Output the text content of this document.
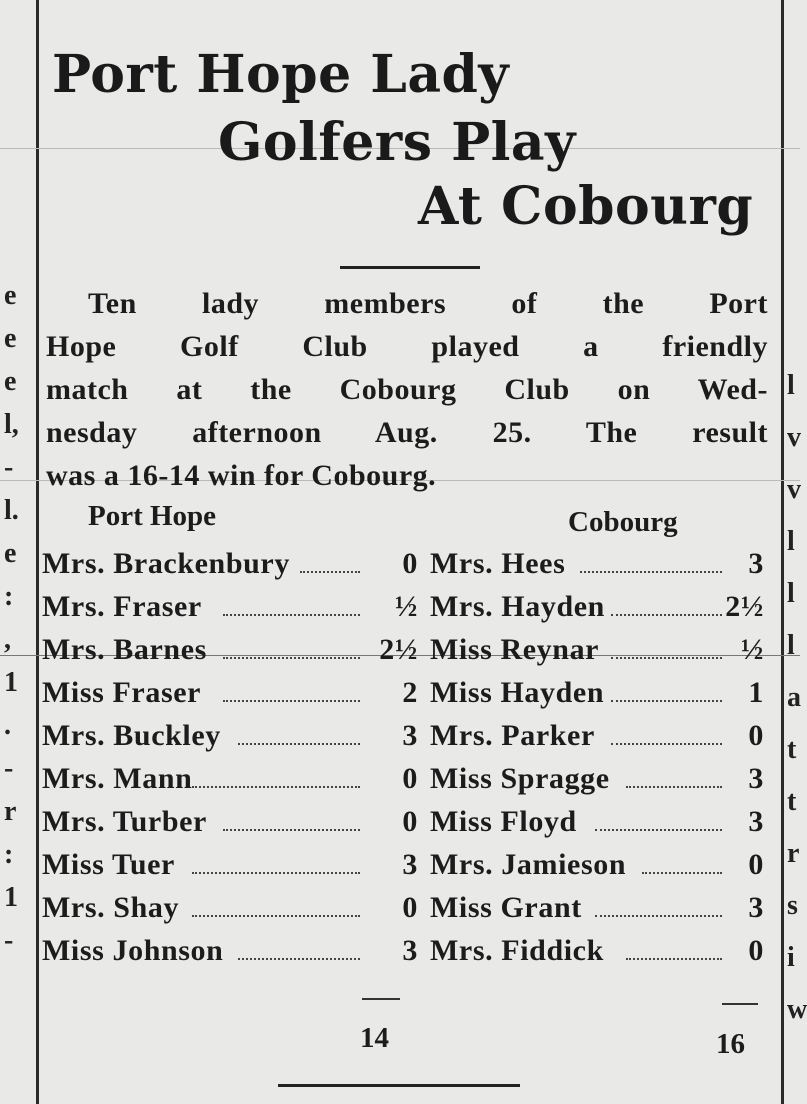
e
e
e
l,
-
l.
e
:
,
1
.
-
r
:
1
-
l
v
v
l
l
l
a
t
t
r
s
i
w
Port Hope Lady
Golfers Play
At Cobourg
Ten lady members of the Port
Hope Golf Club played a friendly
match at the Cobourg Club on Wed-
nesday afternoon Aug. 25. The result
was a 16-14 win for Cobourg.
Port Hope	Cobourg
Mrs. Brackenbury	0 Mrs. Hees	3
Mrs. Fraser	½ Mrs. Hayden	2½
Mrs. Barnes	2½ Miss Reynar	½
Miss Fraser	2 Miss Hayden	1
Mrs. Buckley	3 Mrs. Parker	0
Mrs. Mann	0 Miss Spragge	3
Mrs. Turber	0 Miss Floyd	3
Miss Tuer	3 Mrs. Jamieson	0
Mrs. Shay	0 Miss Grant	3
Miss Johnson	3 Mrs. Fiddick	0
14	16
